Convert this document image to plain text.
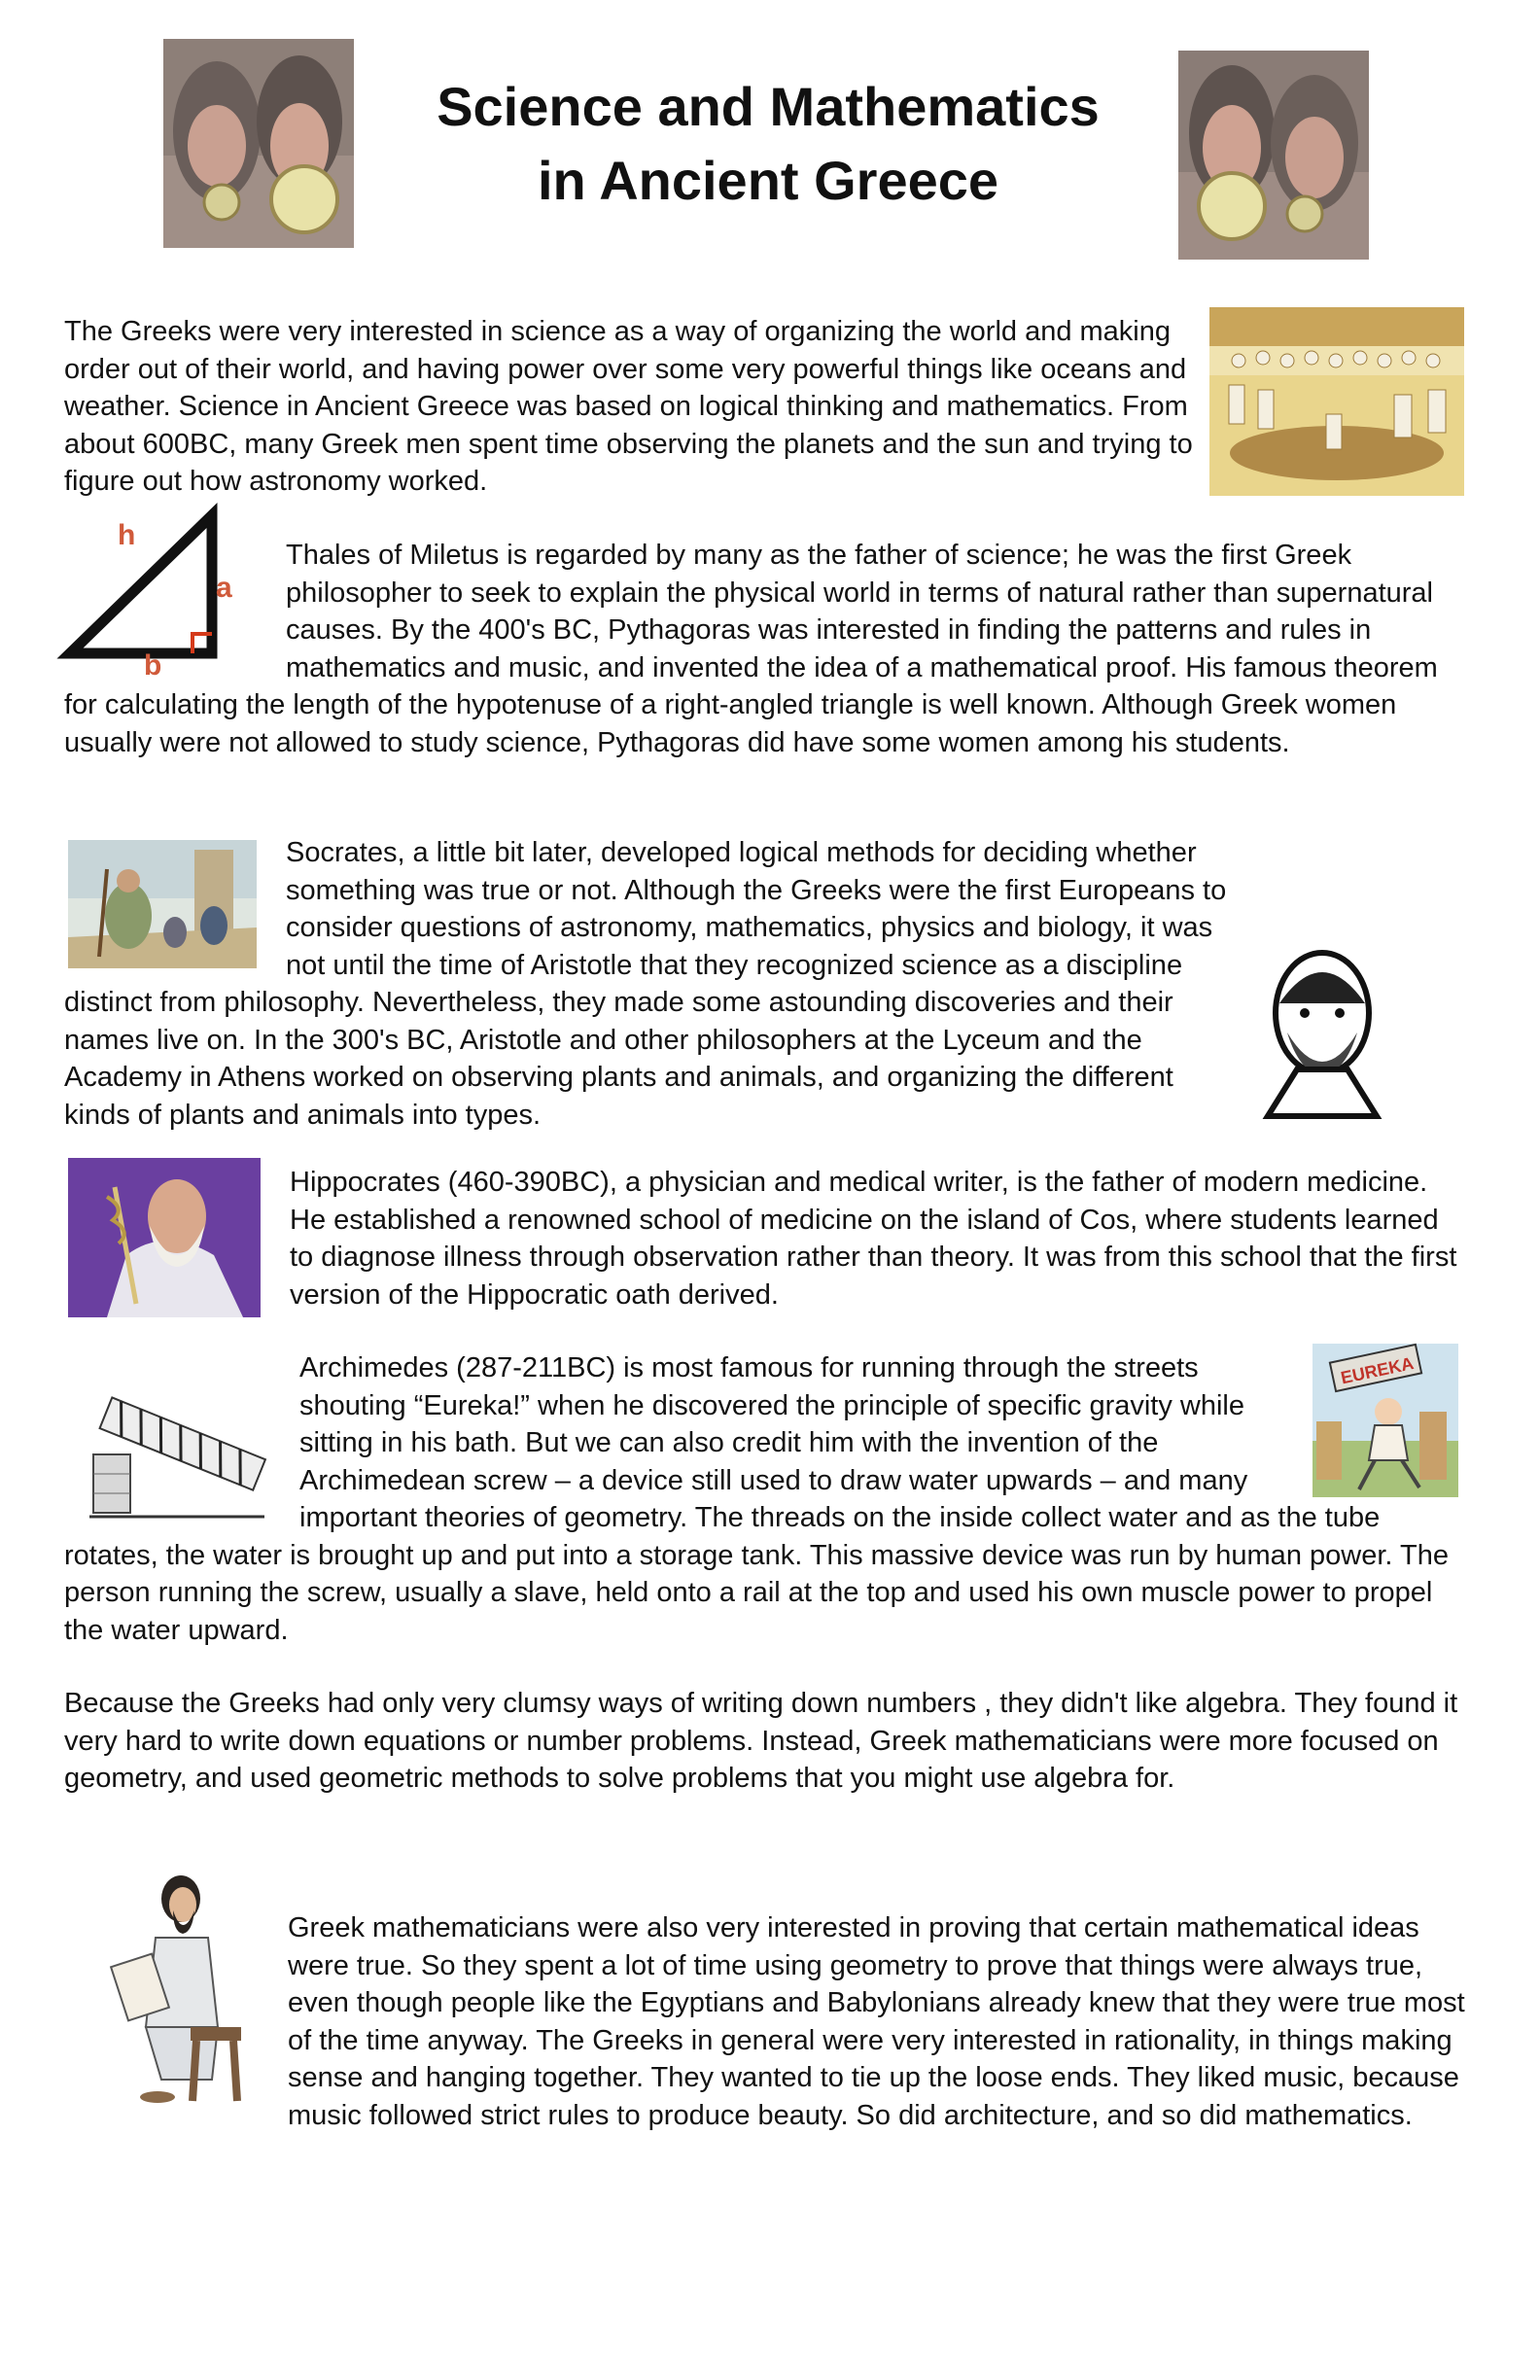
Science and Mathematics
in Ancient Greece

The Greeks were very interested in science as a way of organizing the world and making order out of their world, and having power over some very powerful things like oceans and weather. Science in Ancient Greece was based on logical thinking and mathematics. From about 600BC, many Greek men spent time observing the planets and the sun and trying to figure out how astronomy worked.

h
a
b

Thales of Miletus is regarded by many as the father of science; he was the first Greek philosopher to seek to explain the physical world in terms of natural rather than supernatural causes. By the 400's BC, Pythagoras was interested in finding the patterns and rules in mathematics and music, and invented the idea of a mathematical proof. His famous theorem for calculating the length of the hypotenuse of a right-angled triangle is well known. Although Greek women usually were not allowed to study science, Pythagoras did have some women among his students.

Socrates, a little bit later, developed logical methods for deciding whether something was true or not. Although the Greeks were the first Europeans to consider questions of astronomy, mathematics, physics and biology, it was not until the time of Aristotle that they recognized science as a discipline distinct from philosophy. Nevertheless, they made some astounding discoveries and their names live on. In the 300's BC, Aristotle and other philosophers at the Lyceum and the Academy in Athens worked on observing plants and animals, and organizing the different kinds of plants and animals into types.

Hippocrates (460-390BC), a physician and medical writer, is the father of modern medicine. He established a renowned school of medicine on the island of Cos, where students learned to diagnose illness through observation rather than theory. It was from this school that the first version of the Hippocratic oath derived.

EUREKA

Archimedes (287-211BC) is most famous for running through the streets shouting “Eureka!” when he discovered the principle of specific gravity while sitting in his bath. But we can also credit him with the invention of the Archimedean screw – a device still used to draw water upwards – and many important theories of geometry. The threads on the inside collect water and as the tube rotates, the water is brought up and put into a storage tank. This massive device was run by human power. The person running the screw, usually a slave, held onto a rail at the top and used his own muscle power to propel the water upward.

Because the Greeks had only very clumsy ways of writing down numbers , they didn't like algebra. They found it very hard to write down equations or number problems. Instead, Greek mathematicians were more focused on geometry, and used geometric methods to solve problems that you might use algebra for.

Greek mathematicians were also very interested in proving that certain mathematical ideas were true. So they spent a lot of time using geometry to prove that things were always true, even though people like the Egyptians and Babylonians already knew that they were true most of the time anyway. The Greeks in general were very interested in rationality, in things making sense and hanging together. They wanted to tie up the loose ends. They liked music, because music followed strict rules to produce beauty. So did architecture, and so did mathematics.
